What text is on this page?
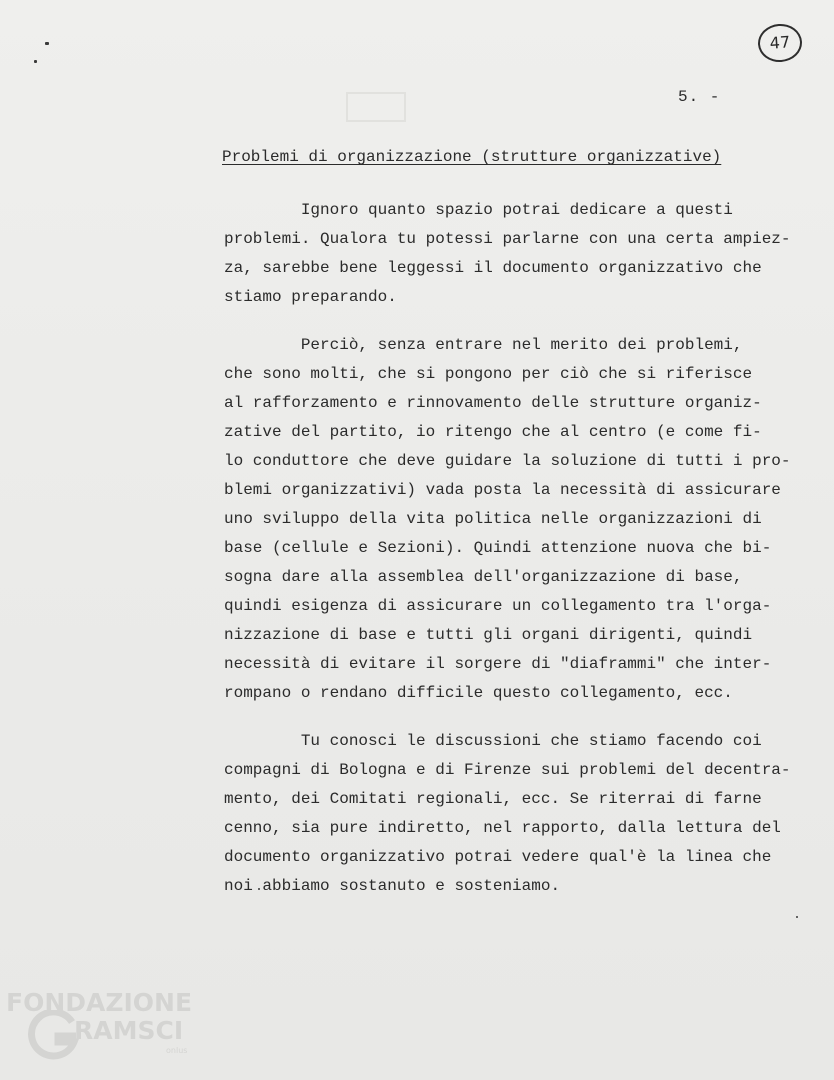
47
5. -
Problemi di organizzazione (strutture organizzative)
Ignoro quanto spazio potrai dedicare a questi
problemi. Qualora tu potessi parlarne con una certa ampiez-
za, sarebbe bene leggessi il documento organizzativo che
stiamo preparando.
Perciò, senza entrare nel merito dei problemi,
che sono molti, che si pongono per ciò che si riferisce
al rafforzamento e rinnovamento delle strutture organiz-
zative del partito, io ritengo che al centro (e come fi-
lo conduttore che deve guidare la soluzione di tutti i pro-
blemi organizzativi) vada posta la necessità di assicurare
uno sviluppo della vita politica nelle organizzazioni di
base (cellule e Sezioni). Quindi attenzione nuova che bi-
sogna dare alla assemblea dell'organizzazione di base,
quindi esigenza di assicurare un collegamento tra l'orga-
nizzazione di base e tutti gli organi dirigenti, quindi
necessità di evitare il sorgere di "diaframmi" che inter-
rompano o rendano difficile questo collegamento, ecc.
Tu conosci le discussioni che stiamo facendo coi
compagni di Bologna e di Firenze sui problemi del decentra-
mento, dei Comitati regionali, ecc. Se riterrai di farne
cenno, sia pure indiretto, nel rapporto, dalla lettura del
documento organizzativo potrai vedere qual'è la linea che
noi abbiamo sostanuto e sosteniamo.
FONDAZIONE
RAMSCI
onlus
